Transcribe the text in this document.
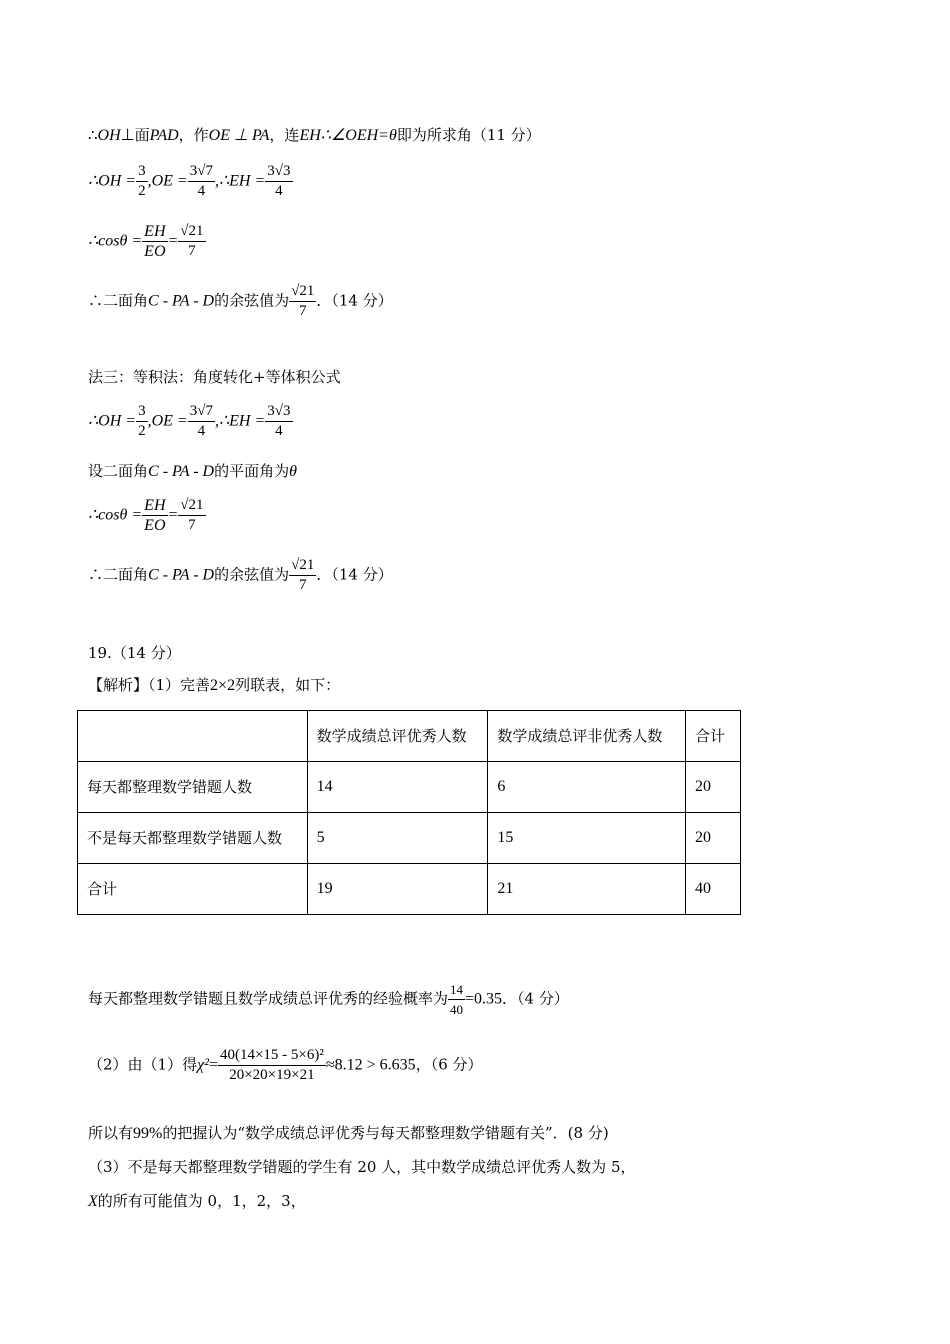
∴OH⊥面PAD，作OE ⊥ PA，连EH∴∠OEH=θ即为所求角（11 分）
∴OH = $\frac{3}{2} ,OE = \frac{3√7}{4}$ ,∴EH = $\frac{3√3}{4}$
∴cosθ = $\frac{EH}{EO} = \frac{√21}{7}$
∴二面角C - PA - D的余弦值为 $\frac{√21}{7}$ ．（14 分）
法三：等积法：角度转化+等体积公式
∴OH = $\frac{3}{2} ,OE = \frac{3√7}{4}$ ,∴EH = $\frac{3√3}{4}$
设二面角C - PA - D的平面角为θ
∴cosθ = $\frac{EH}{EO} = \frac{√21}{7}$
∴二面角C - PA - D的余弦值为 $\frac{√21}{7}$ ．（14 分）
19.（14 分）
【解析】（1）完善2×2列联表，如下：
	数学成绩总评优秀人数	数学成绩总评非优秀人数	合计
每天都整理数学错题人数	14	6	20
不是每天都整理数学错题人数	5	15	20
合计	19	21	40
每天都整理数学错题且数学成绩总评优秀的经验概率为 $\frac{14}{40} =0.35$．（4 分）
（2）由（1）得$\chi^2= \frac{\text{40(14×15 - 5×6)²}}{20\times 20\times 19\times 21} \approx 8.12 > 6.635$，（6 分）
所以有99%的把握认为“数学成绩总评优秀与每天都整理数学错题有关”．(8 分)
（3）不是每天都整理数学错题的学生有 20 人，其中数学成绩总评优秀人数为 5，
X的所有可能值为 0，1，2，3，
